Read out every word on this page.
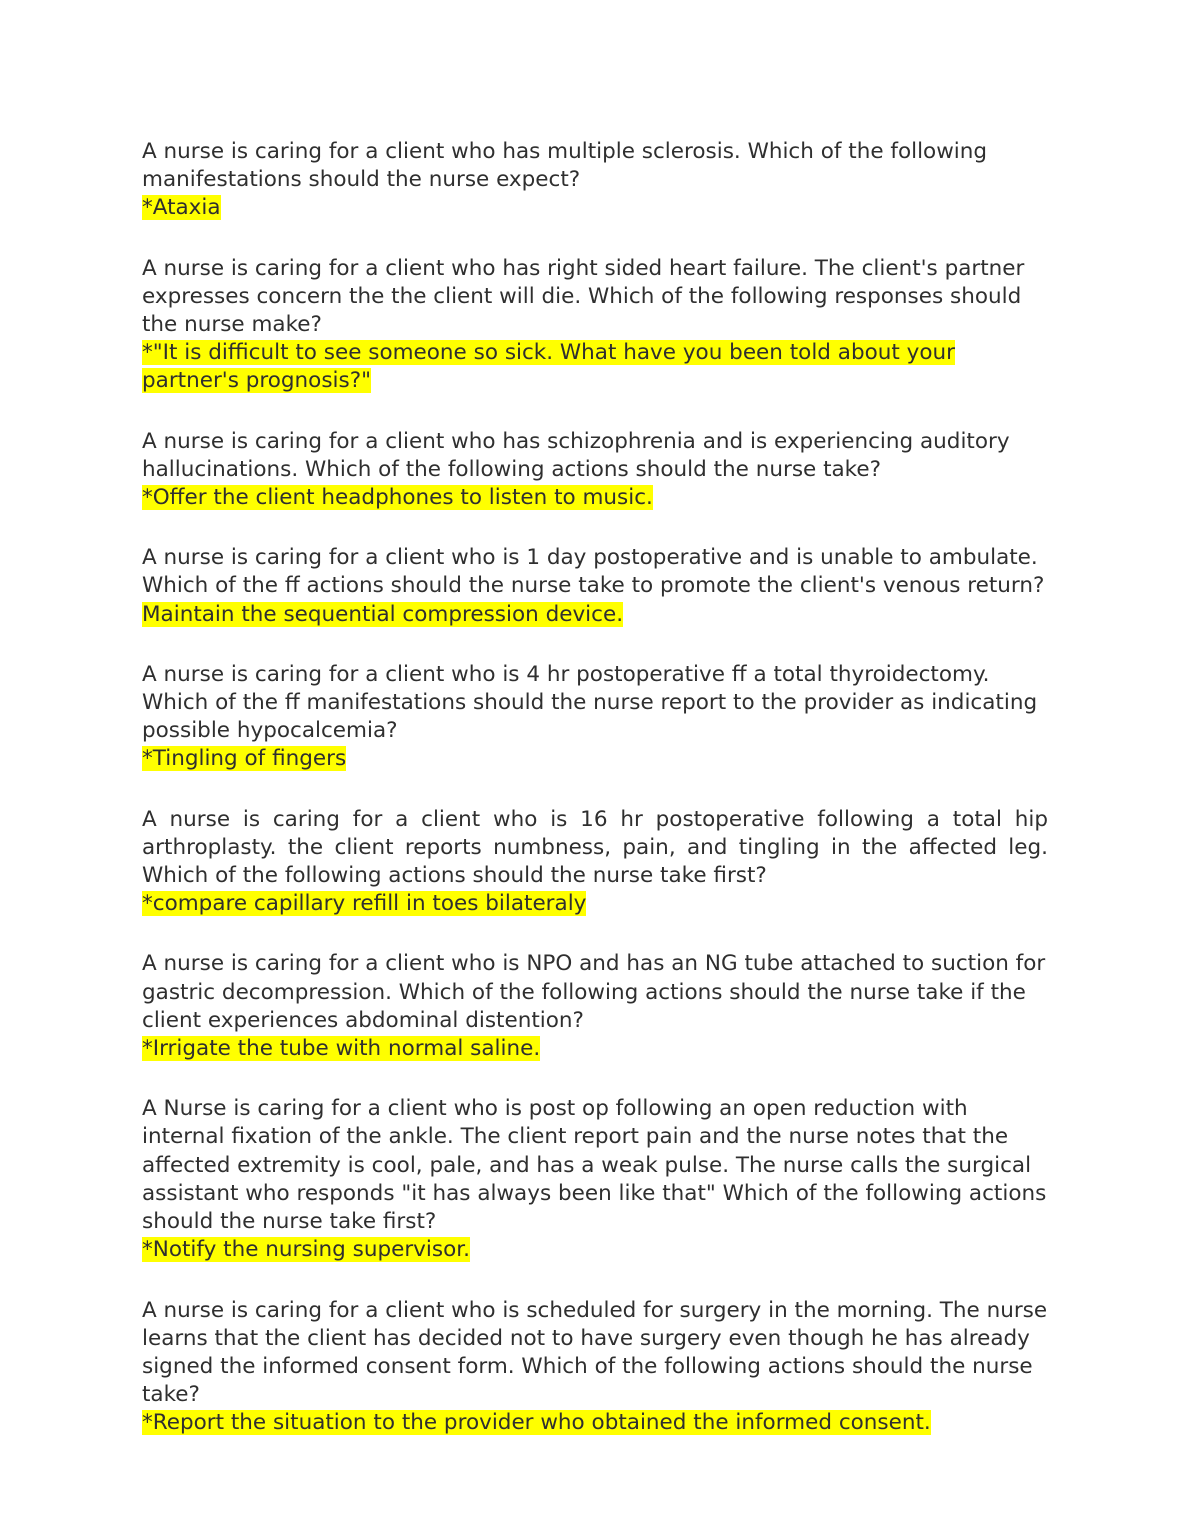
A nurse is caring for a client who has multiple sclerosis. Which of the following manifestations should the nurse expect?
*Ataxia

A nurse is caring for a client who has right sided heart failure. The client's partner expresses concern the the client will die. Which of the following responses should the nurse make?
*"It is difficult to see someone so sick. What have you been told about your partner's prognosis?"

A nurse is caring for a client who has schizophrenia and is experiencing auditory hallucinations. Which of the following actions should the nurse take?
*Offer the client headphones to listen to music.

A nurse is caring for a client who is 1 day postoperative and is unable to ambulate. Which of the ff actions should the nurse take to promote the client's venous return? Maintain the sequential compression device.

A nurse is caring for a client who is 4 hr postoperative ff a total thyroidectomy. Which of the ff manifestations should the nurse report to the provider as indicating possible hypocalcemia?
*Tingling of fingers

A nurse is caring for a client who is 16 hr postoperative following a total hip arthroplasty. the client reports numbness, pain, and tingling in the affected leg. Which of the following actions should the nurse take first?
*compare capillary refill in toes bilateraly

A nurse is caring for a client who is NPO and has an NG tube attached to suction for gastric decompression. Which of the following actions should the nurse take if the client experiences abdominal distention?
*Irrigate the tube with normal saline.

A Nurse is caring for a client who is post op following an open reduction with internal fixation of the ankle. The client report pain and the nurse notes that the affected extremity is cool, pale, and has a weak pulse. The nurse calls the surgical assistant who responds "it has always been like that" Which of the following actions should the nurse take first?
*Notify the nursing supervisor.

A nurse is caring for a client who is scheduled for surgery in the morning. The nurse learns that the client has decided not to have surgery even though he has already signed the informed consent form. Which of the following actions should the nurse take?
*Report the situation to the provider who obtained the informed consent.
